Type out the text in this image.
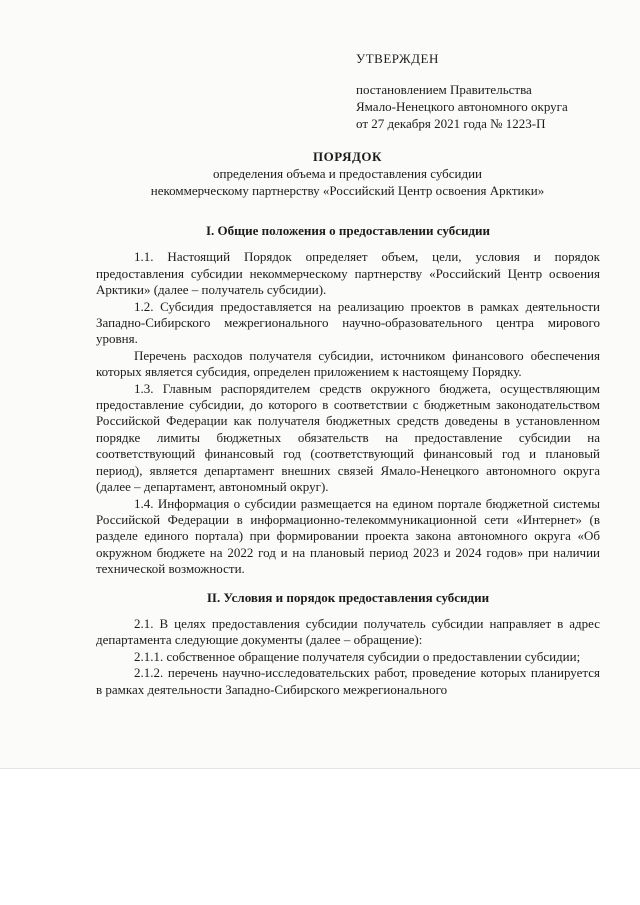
УТВЕРЖДЕН
постановлением Правительства
Ямало-Ненецкого автономного округа
от 27 декабря 2021 года № 1223-П
ПОРЯДОК
определения объема и предоставления субсидии
некоммерческому партнерству «Российский Центр освоения Арктики»
I. Общие положения о предоставлении субсидии

1.1. Настоящий Порядок определяет объем, цели, условия и порядок предоставления субсидии некоммерческому партнерству «Российский Центр освоения Арктики» (далее – получатель субсидии).

1.2. Субсидия предоставляется на реализацию проектов в рамках деятельности Западно-Сибирского межрегионального научно-образовательного центра мирового уровня.

Перечень расходов получателя субсидии, источником финансового обеспечения которых является субсидия, определен приложением к настоящему Порядку.

1.3. Главным распорядителем средств окружного бюджета, осуществляющим предоставление субсидии, до которого в соответствии с бюджетным законодательством Российской Федерации как получателя бюджетных средств доведены в установленном порядке лимиты бюджетных обязательств на предоставление субсидии на соответствующий финансовый год (соответствующий финансовый год и плановый период), является департамент внешних связей Ямало-Ненецкого автономного округа (далее – департамент, автономный округ).

1.4. Информация о субсидии размещается на едином портале бюджетной системы Российской Федерации в информационно-телекоммуникационной сети «Интернет» (в разделе единого портала) при формировании проекта закона автономного округа «Об окружном бюджете на 2022 год и на плановый период 2023 и 2024 годов» при наличии технической возможности.

II. Условия и порядок предоставления субсидии

2.1. В целях предоставления субсидии получатель субсидии направляет в адрес департамента следующие документы (далее – обращение):

2.1.1. собственное обращение получателя субсидии о предоставлении субсидии;

2.1.2. перечень научно-исследовательских работ, проведение которых планируется в рамках деятельности Западно-Сибирского межрегионального
